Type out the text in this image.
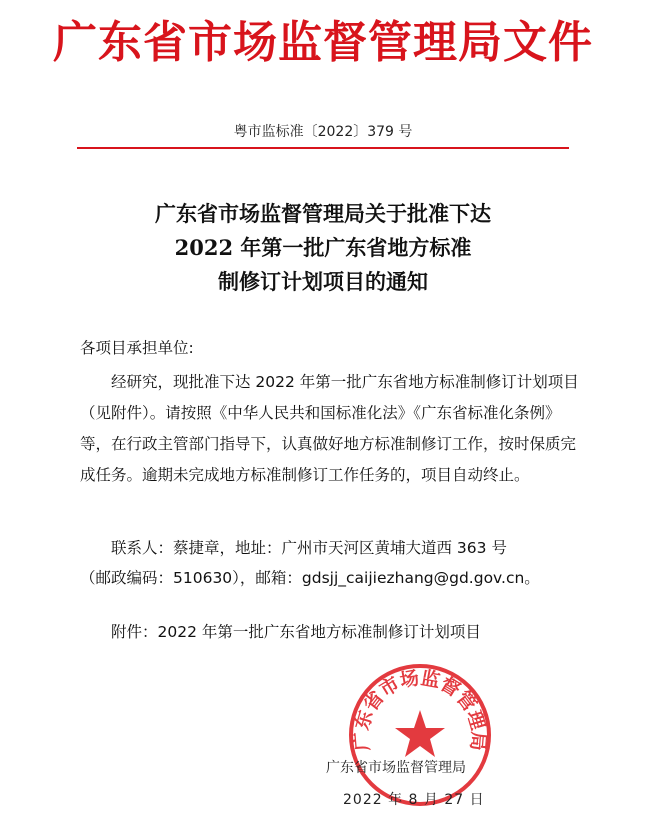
广东省市场监督管理局文件
粤市监标准〔2022〕379 号
广东省市场监督管理局关于批准下达
2022 年第一批广东省地方标准
制修订计划项目的通知
各项目承担单位:
经研究，现批准下达 2022 年第一批广东省地方标准制修订计划项目（见附件）。请按照《中华人民共和国标准化法》《广东省标准化条例》等，在行政主管部门指导下，认真做好地方标准制修订工作，按时保质完成任务。逾期未完成地方标准制修订工作任务的，项目自动终止。
联系人：蔡捷章，地址：广州市天河区黄埔大道西 363 号
（邮政编码：510630），邮箱：gdsjj_caijiezhang@gd.gov.cn。
附件：2022 年第一批广东省地方标准制修订计划项目
广东省市场监督管理局
广东省市场监督管理局
2022 年 8 月 27 日
